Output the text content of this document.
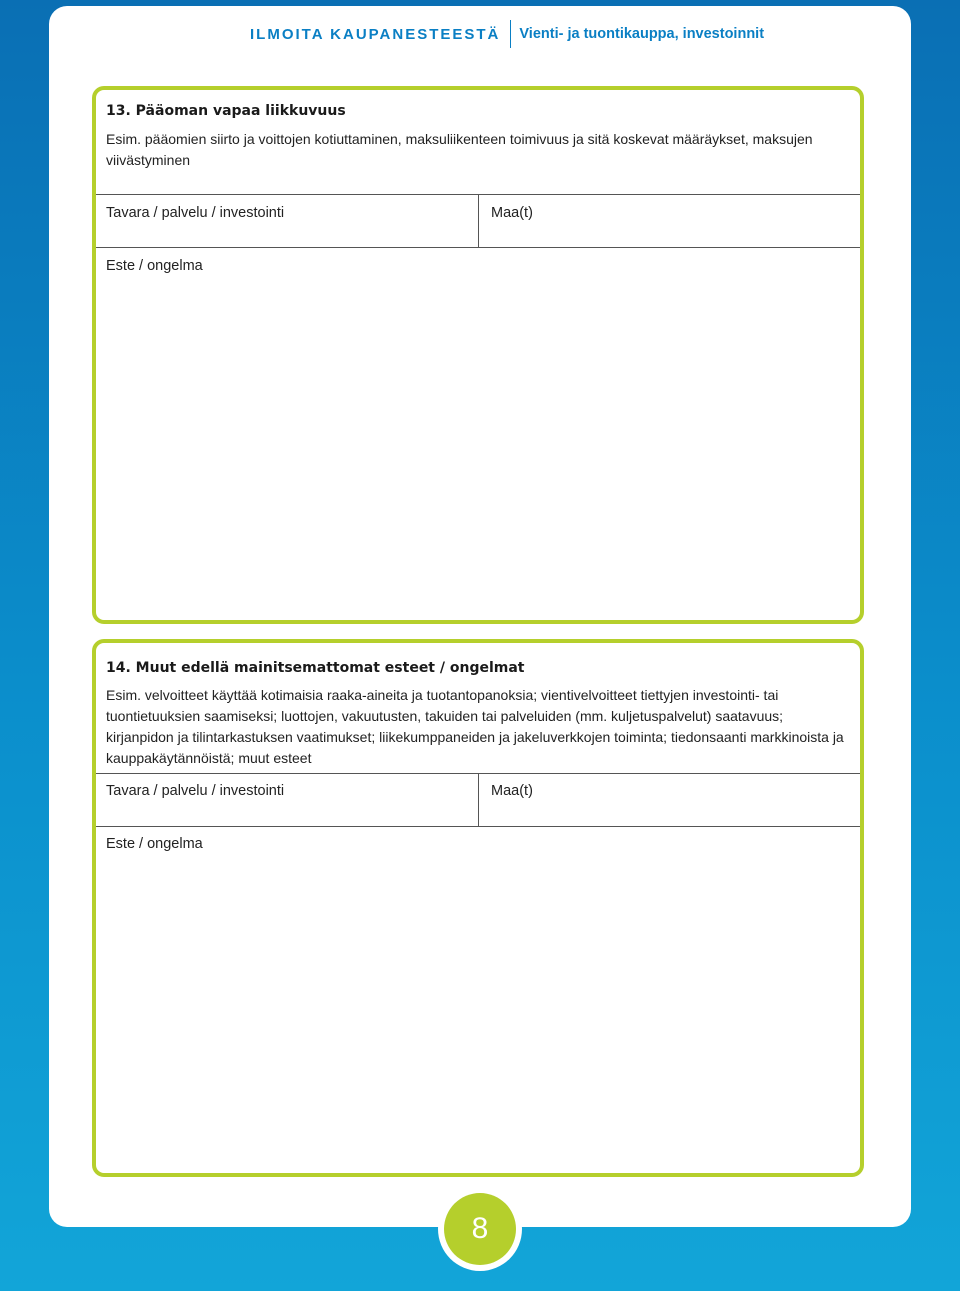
ILMOITA KAUPANESTEESTÄ Vienti- ja tuontikauppa, investoinnit
13. Pääoman vapaa liikkuvuus
Esim. pääomien siirto ja voittojen kotiuttaminen, maksuliikenteen toimivuus ja sitä koskevat määräykset, maksujen viivästyminen
Tavara / palvelu / investointi	Maa(t)
Este / ongelma
14. Muut edellä mainitsemattomat esteet / ongelmat
Esim. velvoitteet käyttää kotimaisia raaka-aineita ja tuotantopanoksia; vientivelvoitteet tiettyjen investointi- tai tuontietuuksien saamiseksi; luottojen, vakuutusten, takuiden tai palveluiden (mm. kuljetuspalvelut) saatavuus; kirjanpidon ja tilintarkastuksen vaatimukset; liikekumppaneiden ja jakeluverkkojen toiminta; tiedonsaanti markkinoista ja kauppakäytännöistä; muut esteet
Tavara / palvelu / investointi	Maa(t)
Este / ongelma
8
